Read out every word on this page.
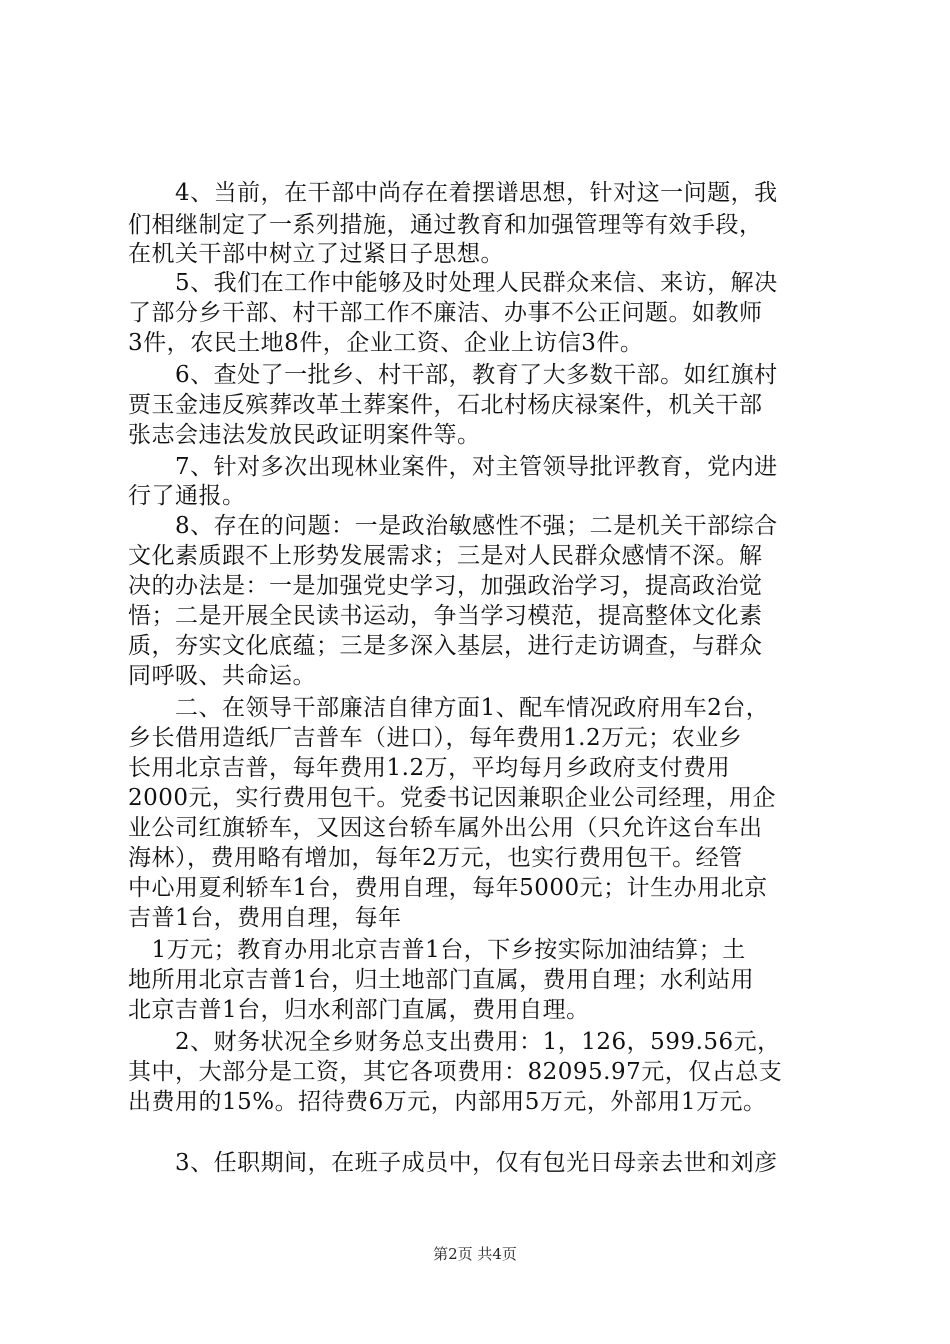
　　4、当前，在干部中尚存在着摆谱思想，针对这一问题，我
们相继制定了一系列措施，通过教育和加强管理等有效手段，
在机关干部中树立了过紧日子思想。
　　5、我们在工作中能够及时处理人民群众来信、来访，解决
了部分乡干部、村干部工作不廉洁、办事不公正问题。如教师
3件，农民土地8件，企业工资、企业上访信3件。
　　6、查处了一批乡、村干部，教育了大多数干部。如红旗村
贾玉金违反殡葬改革土葬案件，石北村杨庆禄案件，机关干部
张志会违法发放民政证明案件等。
　　7、针对多次出现林业案件，对主管领导批评教育，党内进
行了通报。
　　8、存在的问题：一是政治敏感性不强；二是机关干部综合
文化素质跟不上形势发展需求；三是对人民群众感情不深。解
决的办法是：一是加强党史学习，加强政治学习，提高政治觉
悟；二是开展全民读书运动，争当学习模范，提高整体文化素
质，夯实文化底蕴；三是多深入基层，进行走访调查，与群众
同呼吸、共命运。
　　二、在领导干部廉洁自律方面1、配车情况政府用车2台，
乡长借用造纸厂吉普车（进口），每年费用1.2万元；农业乡
长用北京吉普，每年费用1.2万，平均每月乡政府支付费用
2000元，实行费用包干。党委书记因兼职企业公司经理，用企
业公司红旗轿车，又因这台轿车属外出公用（只允许这台车出
海林），费用略有增加，每年2万元，也实行费用包干。经管
中心用夏利轿车1台，费用自理，每年5000元；计生办用北京
吉普1台，费用自理，每年
　1万元；教育办用北京吉普1台，下乡按实际加油结算；土
地所用北京吉普1台，归土地部门直属，费用自理；水利站用
北京吉普1台，归水利部门直属，费用自理。
　　2、财务状况全乡财务总支出费用：1，126，599.56元，
其中，大部分是工资，其它各项费用：82095.97元，仅占总支
出费用的15%。招待费6万元，内部用5万元，外部用1万元。
　　3、任职期间，在班子成员中，仅有包光日母亲去世和刘彦
第2页 共4页
